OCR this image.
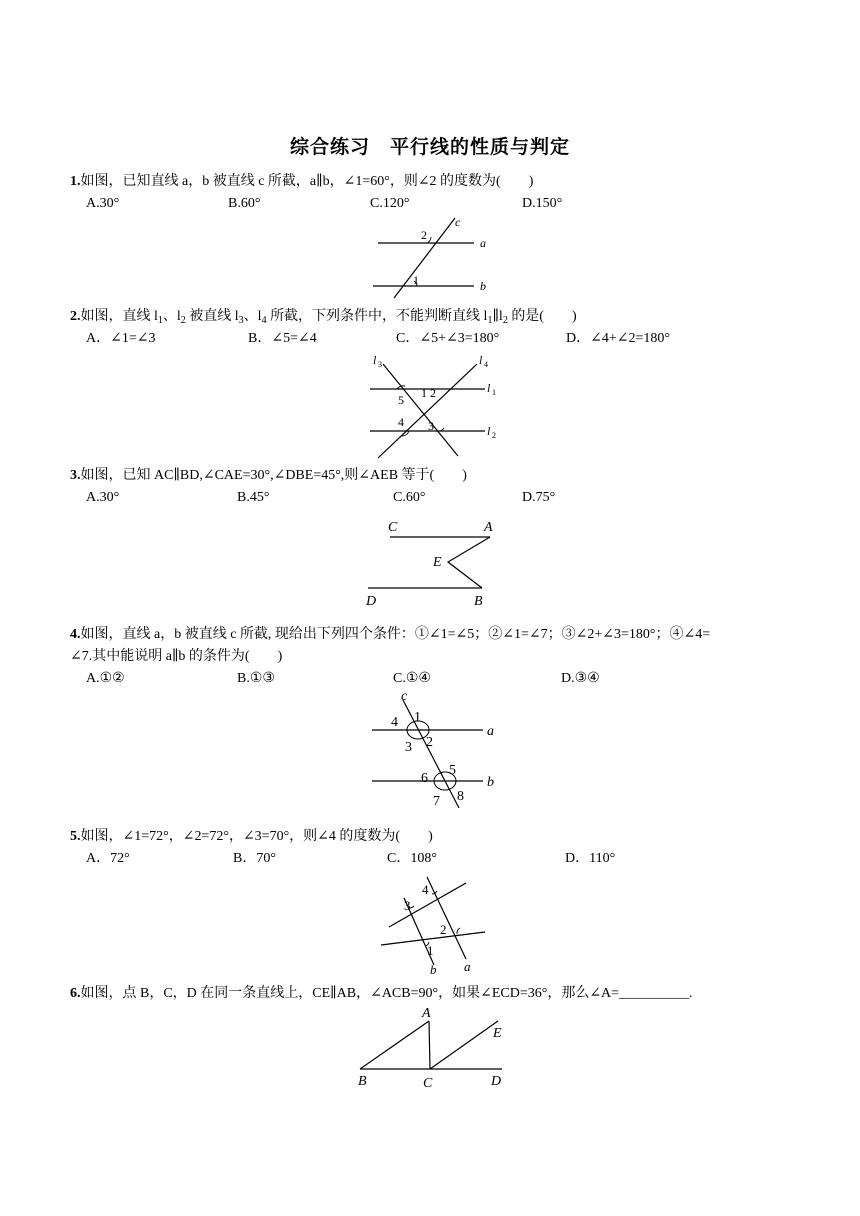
综合练习　平行线的性质与判定
1.如图，已知直线 a，b 被直线 c 所截，a∥b，∠1=60°，则∠2 的度数为(　　)
A.30°	B.60°	C.120°	D.150°
2
c
a
1	b
2.如图，直线 $l_1$、$l_2$ 被直线 $l_3$、$l_4$ 所截，下列条件中，不能判断直线 $l_1\parallel l_2$ 的是(　　)
A．∠1=∠3	B．∠5=∠4	C．∠5+∠3=180°	D．∠4+∠2=180°
l 3	l 4
l 1
l 2
5 1 2
4 3
3.如图，已知 AC∥BD,∠CAE=30°,∠DBE=45°,则∠AEB 等于(　　)
A.30°	B.45°	C.60°	D.75°
C	A
E
D	B
4.如图，直线 a，b 被直线 c 所截, 现给出下列四个条件：①∠1=∠5；②∠1=∠7；③∠2+∠3=180°；④∠4=
∠7.其中能说明 a∥b 的条件为(　　)
A.①②	B.①③	C.①④	D.③④
c
4 1
3 2
a
6
5
7 8
b
5.如图，∠1=72°，∠2=72°，∠3=70°，则∠4 的度数为(　　)
A．72°	B．70°	C．108°	D．110°
4
3
2
1
b a
6.如图，点 B，C，D 在同一条直线上，CE∥AB，∠ACB=90°，如果∠ECD=36°，那么∠A=__________.
A
E
B	C	D
